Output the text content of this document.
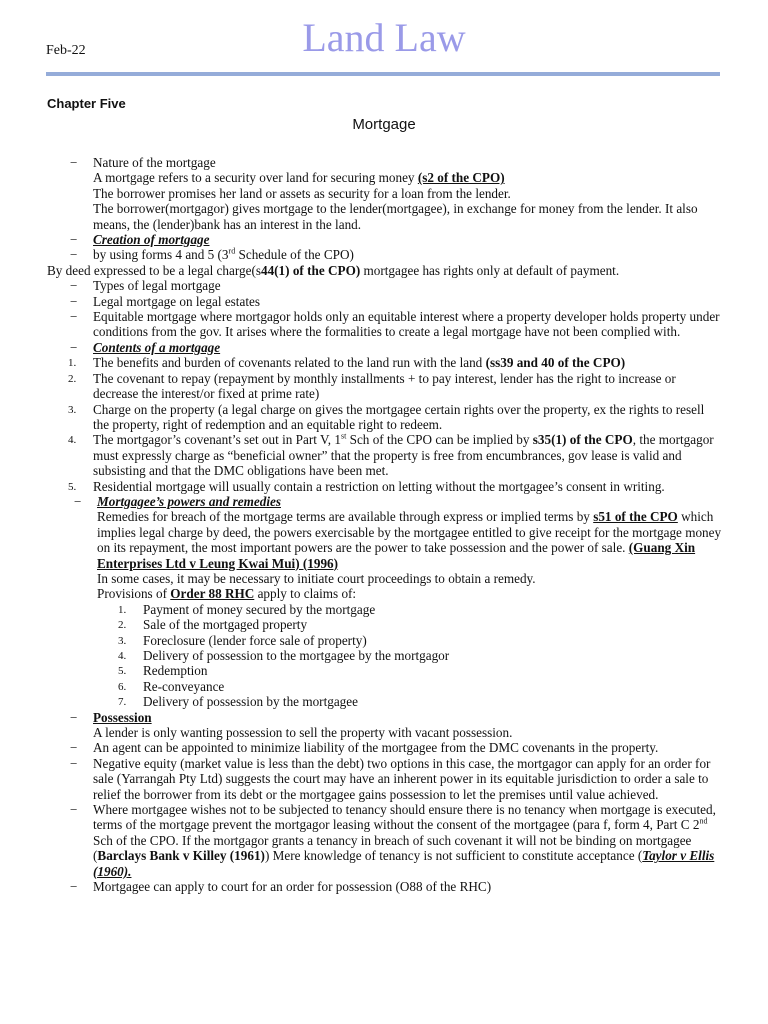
Feb-22	Land Law
Chapter Five
Mortgage
− Nature of the mortgage
A mortgage refers to a security over land for securing money (s2 of the CPO)
The borrower promises her land or assets as security for a loan from the lender.
The borrower(mortgagor) gives mortgage to the lender(mortgagee), in exchange for money from the lender. It also means, the (lender)bank has an interest in the land.
− Creation of mortgage
− by using forms 4 and 5 (3rd Schedule of the CPO)
By deed expressed to be a legal charge(s44(1) of the CPO) mortgagee has rights only at default of payment.
− Types of legal mortgage
− Legal mortgage on legal estates
− Equitable mortgage where mortgagor holds only an equitable interest where a property developer holds property under conditions from the gov. It arises where the formalities to create a legal mortgage have not been complied with.
− Contents of a mortgage
1. The benefits and burden of covenants related to the land run with the land (ss39 and 40 of the CPO)
2. The covenant to repay (repayment by monthly installments + to pay interest, lender has the right to increase or decrease the interest/or fixed at prime rate)
3. Charge on the property (a legal charge on gives the mortgagee certain rights over the property, ex the rights to resell the property, right of redemption and an equitable right to redeem.
4. The mortgagor’s covenant’s set out in Part V, 1st Sch of the CPO can be implied by s35(1) of the CPO, the mortgagor must expressly charge as “beneficial owner” that the property is free from encumbrances, gov lease is valid and subsisting and that the DMC obligations have been met.
5. Residential mortgage will usually contain a restriction on letting without the mortgagee’s consent in writing.
− Mortgagee’s powers and remedies
Remedies for breach of the mortgage terms are available through express or implied terms by s51 of the CPO which implies legal charge by deed, the powers exercisable by the mortgagee entitled to give receipt for the mortgage money on its repayment, the most important powers are the power to take possession and the power of sale. (Guang Xin Enterprises Ltd v Leung Kwai Mui) (1996)
In some cases, it may be necessary to initiate court proceedings to obtain a remedy.
Provisions of Order 88 RHC apply to claims of:
1. Payment of money secured by the mortgage
2. Sale of the mortgaged property
3. Foreclosure (lender force sale of property)
4. Delivery of possession to the mortgagee by the mortgagor
5. Redemption
6. Re-conveyance
7. Delivery of possession by the mortgagee
− Possession
A lender is only wanting possession to sell the property with vacant possession.
− An agent can be appointed to minimize liability of the mortgagee from the DMC covenants in the property.
− Negative equity (market value is less than the debt) two options in this case, the mortgagor can apply for an order for sale (Yarrangah Pty Ltd) suggests the court may have an inherent power in its equitable jurisdiction to order a sale to relief the borrower from its debt or the mortgagee gains possession to let the premises until value achieved.
− Where mortgagee wishes not to be subjected to tenancy should ensure there is no tenancy when mortgage is executed, terms of the mortgage prevent the mortgagor leasing without the consent of the mortgagee (para f, form 4, Part C 2nd Sch of the CPO. If the mortgagor grants a tenancy in breach of such covenant it will not be binding on mortgagee (Barclays Bank v Killey (1961)) Mere knowledge of tenancy is not sufficient to constitute acceptance (Taylor v Ellis (1960).
− Mortgagee can apply to court for an order for possession (O88 of the RHC)
